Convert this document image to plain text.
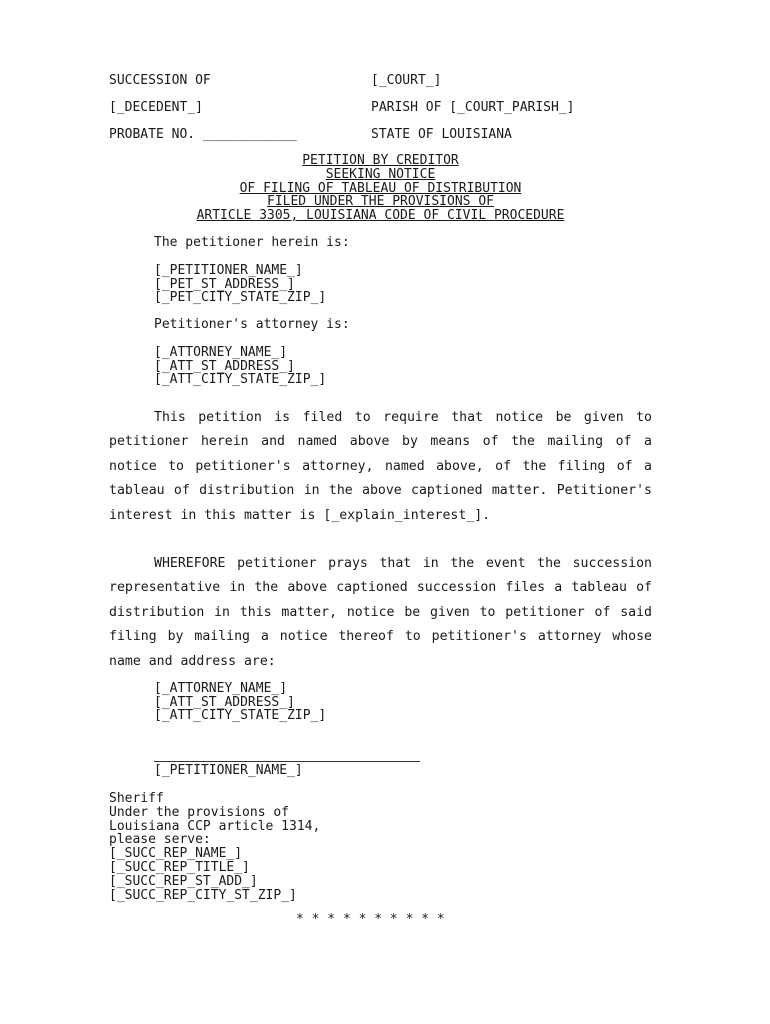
SUCCESSION OF	[_COURT_]
[_DECEDENT_]	PARISH OF [_COURT_PARISH_]
PROBATE NO. ____________	STATE OF LOUISIANA
PETITION BY CREDITOR
SEEKING NOTICE
OF FILING OF TABLEAU OF DISTRIBUTION
FILED UNDER THE PROVISIONS OF
ARTICLE 3305, LOUISIANA CODE OF CIVIL PROCEDURE
The petitioner herein is:
[_PETITIONER_NAME_]
[_PET_ST_ADDRESS_]
[_PET_CITY_STATE_ZIP_]
Petitioner's attorney is:
[_ATTORNEY_NAME_]
[_ATT_ST_ADDRESS_]
[_ATT_CITY_STATE_ZIP_]
This petition is filed to require that notice be given to petitioner herein and named above by means of the mailing of a notice to petitioner's attorney, named above, of the filing of a tableau of distribution in the above captioned matter. Petitioner's interest in this matter is [_explain_interest_].
WHEREFORE petitioner prays that in the event the succession representative in the above captioned succession files a tableau of distribution in this matter, notice be given to petitioner of said filing by mailing a notice thereof to petitioner's attorney whose name and address are:
[_ATTORNEY_NAME_]
[_ATT_ST_ADDRESS_]
[_ATT_CITY_STATE_ZIP_]
[_PETITIONER_NAME_]
Sheriff
Under the provisions of
Louisiana CCP article 1314,
please serve:
[_SUCC_REP_NAME_]
[_SUCC_REP_TITLE_]
[_SUCC_REP_ST_ADD_]
[_SUCC_REP_CITY_ST_ZIP_]
* * * * * * * * * *
